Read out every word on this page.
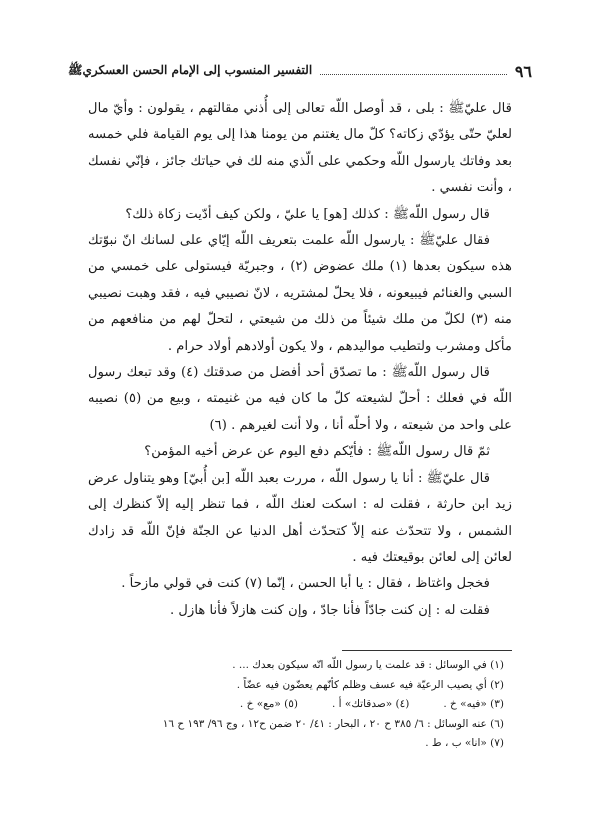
٩٦
التفسير المنسوب إلى الإمام الحسن العسكريﷺ

قال عليّﷺ : بلى ، قد أوصل اللّه تعالى إلى أُذني مقالتهم ، يقولون : وأيّ مال لعليّ حتّى يؤدّي زكاته؟ كلّ مال يغتنم من يومنا هذا إلى يوم القيامة فلي خمسه بعد وفاتك يارسول اللّه وحكمي على الّذي منه لك في حياتك جائز ، فإنّي نفسك ، وأنت نفسي .

قال رسول اللّهﷺ : كذلك [هو] يا عليّ ، ولكن كيف أدّيت زكاة ذلك؟

فقال عليّﷺ : يارسول اللّه علمت بتعريف اللّه إيّاي على لسانك انّ نبوّتك هذه سيكون بعدها (١) ملك عضوض (٢) ، وجبريّة فيستولى على خمسي من السبي والغنائم فيبيعونه ، فلا يحلّ لمشتريه ، لانّ نصيبي فيه ، فقد وهبت نصيبي منه (٣) لكلّ من ملك شيئاً من ذلك من شيعتي ، لتحلّ لهم من منافعهم من مأكل ومشرب ولتطيب مواليدهم ، ولا يكون أولادهم أولاد حرام .

قال رسول اللّهﷺ : ما تصدّق أحد أفضل من صدقتك (٤) وقد تبعك رسول اللّه في فعلك : أحلّ لشيعته كلّ ما كان فيه من غنيمته ، وبيع من (٥) نصيبه على واحد من شيعته ، ولا أحلّه أنا ، ولا أنت لغيرهم . (٦)

ثمّ قال رسول اللّهﷺ : فأيّكم دفع اليوم عن عرض أخيه المؤمن؟

قال عليّﷺ : أنا يا رسول اللّه ، مررت بعبد اللّه [بن أُبيّ] وهو يتناول عرض زيد ابن حارثة ، فقلت له : اسكت لعنك اللّه ، فما تنظر إليه إلاّ كنظرك إلى الشمس ، ولا تتحدّث عنه إلاّ كتحدّث أهل الدنيا عن الجنّة فإنّ اللّه قد زادك لعائن إلى لعائن بوقيعتك فيه .

فخجل واغتاظ ، فقال : يا أبا الحسن ، إنّما (٧) كنت في قولي مازحاً .

فقلت له : إن كنت جادّاً فأنا جادّ ، وإن كنت هازلاً فأنا هازل .

(١) في الوسائل : قد علمت يا رسول اللّه انّه سيكون بعدك ... .

(٢) أي يصيب الرعيّة فيه عسف وظلم كأنّهم يعضّون فيه عضّاً .

(٣) «فيه» خ .
(٤) «صدقاتك» أ .
(٥) «مع» خ .

(٦) عنه الوسائل : ٦/ ٣٨٥ ح ٢٠ ، البحار : ٤١/ ٢٠ ضمن ح١٢ ، وج ٩٦/ ١٩٣ ح ١٦

(٧) «انا» ب ، ط .
